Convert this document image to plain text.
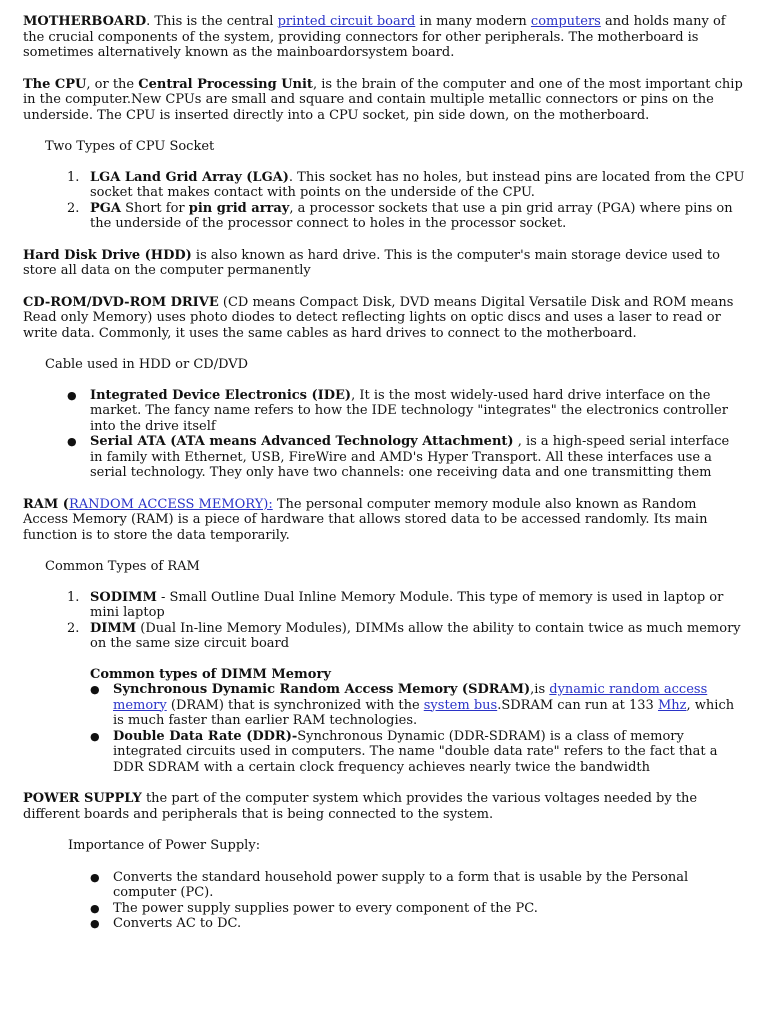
MOTHERBOARD. This is the central printed circuit board in many modern computers and holds many of the crucial components of the system, providing connectors for other peripherals. The motherboard is sometimes alternatively known as the mainboardorsystem board.

The CPU, or the Central Processing Unit, is the brain of the computer and one of the most important chip in the computer.New CPUs are small and square and contain multiple metallic connectors or pins on the underside. The CPU is inserted directly into a CPU socket, pin side down, on the motherboard.

Two Types of CPU Socket

1. LGA Land Grid Array (LGA). This socket has no holes, but instead pins are located from the CPU socket that makes contact with points on the underside of the CPU.
2. PGA Short for pin grid array, a processor sockets that use a pin grid array (PGA) where pins on the underside of the processor connect to holes in the processor socket.

Hard Disk Drive (HDD) is also known as hard drive. This is the computer's main storage device used to store all data on the computer permanently

CD-ROM/DVD-ROM DRIVE (CD means Compact Disk, DVD means Digital Versatile Disk and ROM means Read only Memory) uses photo diodes to detect reflecting lights on optic discs and uses a laser to read or write data. Commonly, it uses the same cables as hard drives to connect to the motherboard.

Cable used in HDD or CD/DVD

● Integrated Device Electronics (IDE), It is the most widely-used hard drive interface on the market. The fancy name refers to how the IDE technology "integrates" the electronics controller into the drive itself
● Serial ATA (ATA means Advanced Technology Attachment) , is a high-speed serial interface in family with Ethernet, USB, FireWire and AMD's Hyper Transport. All these interfaces use a serial technology. They only have two channels: one receiving data and one transmitting them

RAM (RANDOM ACCESS MEMORY): The personal computer memory module also known as Random Access Memory (RAM) is a piece of hardware that allows stored data to be accessed randomly. Its main function is to store the data temporarily.

Common Types of RAM

1. SODIMM - Small Outline Dual Inline Memory Module. This type of memory is used in laptop or mini laptop
2. DIMM (Dual In-line Memory Modules), DIMMs allow the ability to contain twice as much memory on the same size circuit board

Common types of DIMM Memory

● Synchronous Dynamic Random Access Memory (SDRAM),is dynamic random access memory (DRAM) that is synchronized with the system bus.SDRAM can run at 133 Mhz, which is much faster than earlier RAM technologies.
● Double Data Rate (DDR)-Synchronous Dynamic (DDR-SDRAM) is a class of memory integrated circuits used in computers. The name "double data rate" refers to the fact that a DDR SDRAM with a certain clock frequency achieves nearly twice the bandwidth

POWER SUPPLY the part of the computer system which provides the various voltages needed by the different boards and peripherals that is being connected to the system.

Importance of Power Supply:

● Converts the standard household power supply to a form that is usable by the Personal computer (PC).
● The power supply supplies power to every component of the PC.
● Converts AC to DC.
